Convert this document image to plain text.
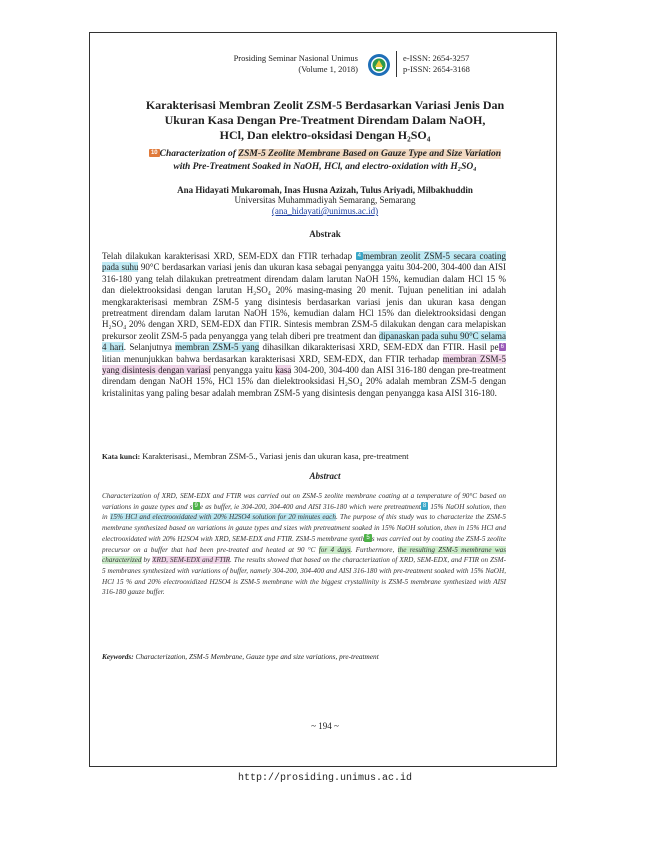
Prosiding Seminar Nasional Unimus
(Volume 1, 2018)
e-ISSN: 2654-3257
p-ISSN: 2654-3168
Karakterisasi Membran Zeolit ZSM-5 Berdasarkan Variasi Jenis Dan
Ukuran Kasa Dengan Pre-Treatment Direndam Dalam NaOH,
HCl, Dan elektro-oksidasi Dengan H₂SO₄
10 Characterization of ZSM-5 Zeolite Membrane Based on Gauze Type and Size Variation
with Pre-Treatment Soaked in NaOH, HCl, and electro-oxidation with H₂SO₄
Ana Hidayati Mukaromah, Inas Husna Azizah, Tulus Ariyadi, Milbakhuddin
Universitas Muhammadiyah Semarang, Semarang
(ana_hidayati@unimus.ac.id)
Abstrak
Telah dilakukan karakterisasi XRD, SEM-EDX dan FTIR terhadap 4 membran zeolit ZSM-5 secara coating pada suhu 90°C berdasarkan variasi jenis dan ukuran kasa sebagai penyangga yaitu 304-200, 304-400 dan AISI 316-180 yang telah dilakukan pretreatment direndam dalam larutan NaOH 15%, kemudian dalam HCl 15 % dan dielektrooksidasi dengan larutan H₂SO₄ 20% masing-masing 20 menit. Tujuan penelitian ini adalah mengkarakterisasi membran ZSM-5 yang disintesis berdasarkan variasi jenis dan ukuran kasa dengan pretreatment direndam dalam larutan NaOH 15%, kemudian dalam HCl 15% dan dielektrooksidasi dengan H₂SO₄ 20% dengan XRD, SEM-EDX dan FTIR. Sintesis membran ZSM-5 dilakukan dengan cara melapiskan prekursor zeolit ZSM-5 pada penyangga yang telah diberi pre treatment dan dipanaskan pada suhu 90°C selama 4 hari. Selanjutnya membran ZSM-5 yang dihasilkan dikarakterisasi XRD, SEM-EDX dan FTIR. Hasil pe 6litian menunjukkan bahwa berdasarkan karakterisasi XRD, SEM-EDX, dan FTIR terhadap membran ZSM-5 yang disintesis dengan variasi penyangga yaitu kasa 304-200, 304-400 dan AISI 316-180 dengan pre-treatment direndam dengan NaOH 15%, HCl 15% dan dielektrooksidasi H₂SO₄ 20% adalah membran ZSM-5 dengan kristalinitas yang paling besar adalah membran ZSM-5 yang disintesis dengan penyangga kasa AISI 316-180.
Kata kunci: Karakterisasi., Membran ZSM-5., Variasi jenis dan ukuran kasa, pre-treatment
Abstract
Characterization of XRD, SEM-EDX and FTIR was carried out on ZSM-5 zeolite membrane coating at a temperature of 90°C based on variations in gauze types and s 9 e as buffer, ie 304-200, 304-400 and AISI 316-180 which were pretreatment 8 15% NaOH solution, then in 15% HCl and electrooxidated with 20% H2SO4 solution for 20 minutes each. The purpose of this study was to characterize the ZSM-5 membrane synthesized based on variations in gauze types and sizes with pretreatment soaked in 15% NaOH solution, then in 15% HCl and electrooxidated with 20% H2SO4 with XRD, SEM-EDX and FTIR. ZSM-5 membrane synth 5 s was carried out by coating the ZSM-5 zeolite precursor on a buffer that had been pre-treated and heated at 90 °C for 4 days. Furthermore, the resulting ZSM-5 membrane was characterized by XRD, SEM-EDX and FTIR. The results showed that based on the characterization of XRD, SEM-EDX, and FTIR on ZSM-5 membranes synthesized with variations of buffer, namely 304-200, 304-400 and AISI 316-180 with pre-treatment soaked with 15% NaOH, HCl 15 % and 20% electrooxidized H2SO4 is ZSM-5 membrane with the biggest crystallinity is ZSM-5 membrane synthesized with AISI 316-180 gauze buffer.
Keywords: Characterization, ZSM-5 Membrane, Gauze type and size variations, pre-treatment
~ 194 ~
http://prosiding.unimus.ac.id
